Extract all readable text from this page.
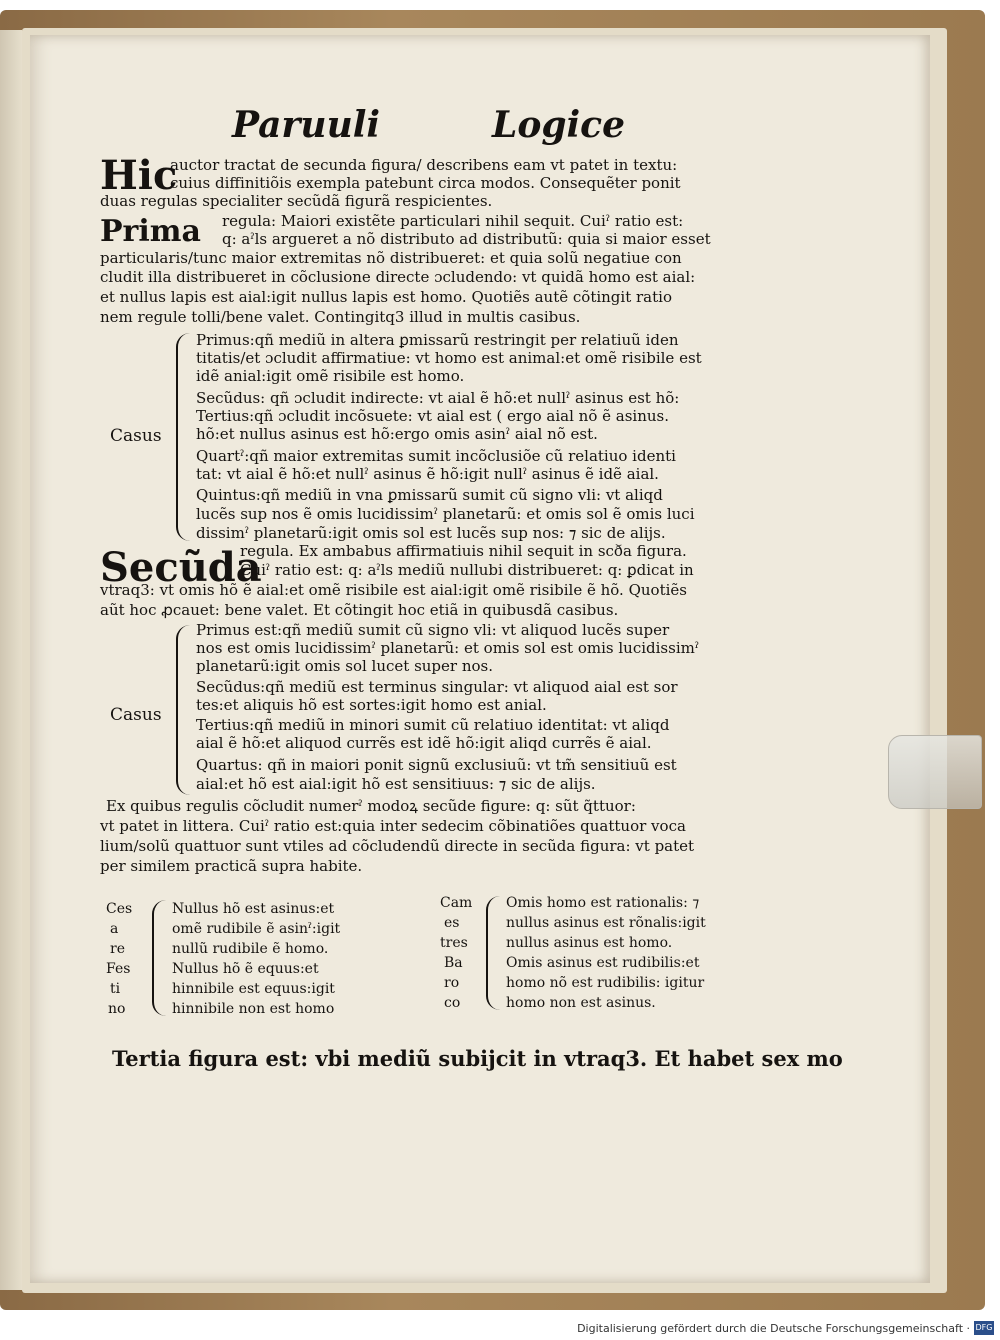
Paruuli	Logice
Hic
auctor tractat de secunda figura/ describens eam vt patet in textu:
cuius diffinitiõis exempla patebunt circa modos. Consequẽter ponit
duas regulas specialiter secũdã figurã respicientes.
Prima regula: Maiori existẽte particulari nihil sequit. Cuiˀ ratio est:
q: aˀls argueret a nõ distributo ad distributũ: quia si maior esset
particularis/tunc maior extremitas nõ distribueret: et quia solũ negatiue con
cludit illa distribueret in cõclusione directe ɔcludendo: vt quidã homo est aial:
et nullus lapis est aial:igit nullus lapis est homo. Quotiẽs autẽ cõtingit ratio
nem regule tolli/bene valet. Contingitq3 illud in multis casibus.
Casus
Primus:qñ mediũ in altera ꝑmissarũ restringit per relatiuũ iden
titatis/et ɔcludit affirmatiue: vt homo est animal:et omẽ risibile est
idẽ anial:igit omẽ risibile est homo.
Secũdus: qñ ɔcludit indirecte: vt aial ẽ hõ:et nullˀ asinus est hõ:
Tertius:qñ ɔcludit incõsuete: vt aial est ( ergo aial nõ ẽ asinus.
hõ:et nullus asinus est hõ:ergo omis asinˀ aial nõ est.
Quartˀ:qñ maior extremitas sumit incõclusiõe cũ relatiuo identi
tat: vt aial ẽ hõ:et nullˀ asinus ẽ hõ:igit nullˀ asinus ẽ idẽ aial.
Quintus:qñ mediũ in vna ꝑmissarũ sumit cũ signo vli: vt aliqd
lucẽs sup nos ẽ omis lucidissimˀ planetarũ: et omis sol ẽ omis luci
dissimˀ planetarũ:igit omis sol est lucẽs sup nos: ⁊ sic de alijs.
Secũda
regula. Ex ambabus affirmatiuis nihil sequit in scða figura.
Cuiˀ ratio est: q: aˀls mediũ nullubi distribueret: q: ꝑdicat in
vtraq3: vt omis hõ ẽ aial:et omẽ risibile est aial:igit omẽ risibile ẽ hõ. Quotiẽs
aũt hoc ꝓcauet: bene valet. Et cõtingit hoc etiã in quibusdã casibus.
Casus
Primus est:qñ mediũ sumit cũ signo vli: vt aliquod lucẽs super
nos est omis lucidissimˀ planetarũ: et omis sol est omis lucidissimˀ
planetarũ:igit omis sol lucet super nos.
Secũdus:qñ mediũ est terminus singular: vt aliquod aial est sor
tes:et aliquis hõ est sortes:igit homo est anial.
Tertius:qñ mediũ in minori sumit cũ relatiuo identitat: vt aliqd
aial ẽ hõ:et aliquod currẽs est idẽ hõ:igit aliqd currẽs ẽ aial.
Quartus: qñ in maiori ponit signũ exclusiuũ: vt tm̃ sensitiuũ est
aial:et hõ est aial:igit hõ est sensitiuus: ⁊ sic de alijs.
Ex quibus regulis cõcludit numerˀ modoꝝ secũde figure: q: sũt q̃ttuor:
vt patet in littera. Cuiˀ ratio est:quia inter sedecim cõbinatiões quattuor voca
lium/solũ quattuor sunt vtiles ad cõcludendũ directe in secũda figura: vt patet
per similem practicã supra habite.
Ces
a
re
Fes
ti
no
Nullus hõ est asinus:et
omẽ rudibile ẽ asinˀ:igit
nullũ rudibile ẽ homo.
Nullus hõ ẽ equus:et
hinnibile est equus:igit
hinnibile non est homo
Cam
es
tres
Ba
ro
co
Omis homo est rationalis: ⁊
nullus asinus est rõnalis:igit
nullus asinus est homo.
Omis asinus est rudibilis:et
homo nõ est rudibilis: igitur
homo non est asinus.
Tertia figura est: vbi mediũ subijcit in vtraq3. Et habet sex mo
Digitalisierung gefördert durch die Deutsche Forschungsgemeinschaft · DFG
